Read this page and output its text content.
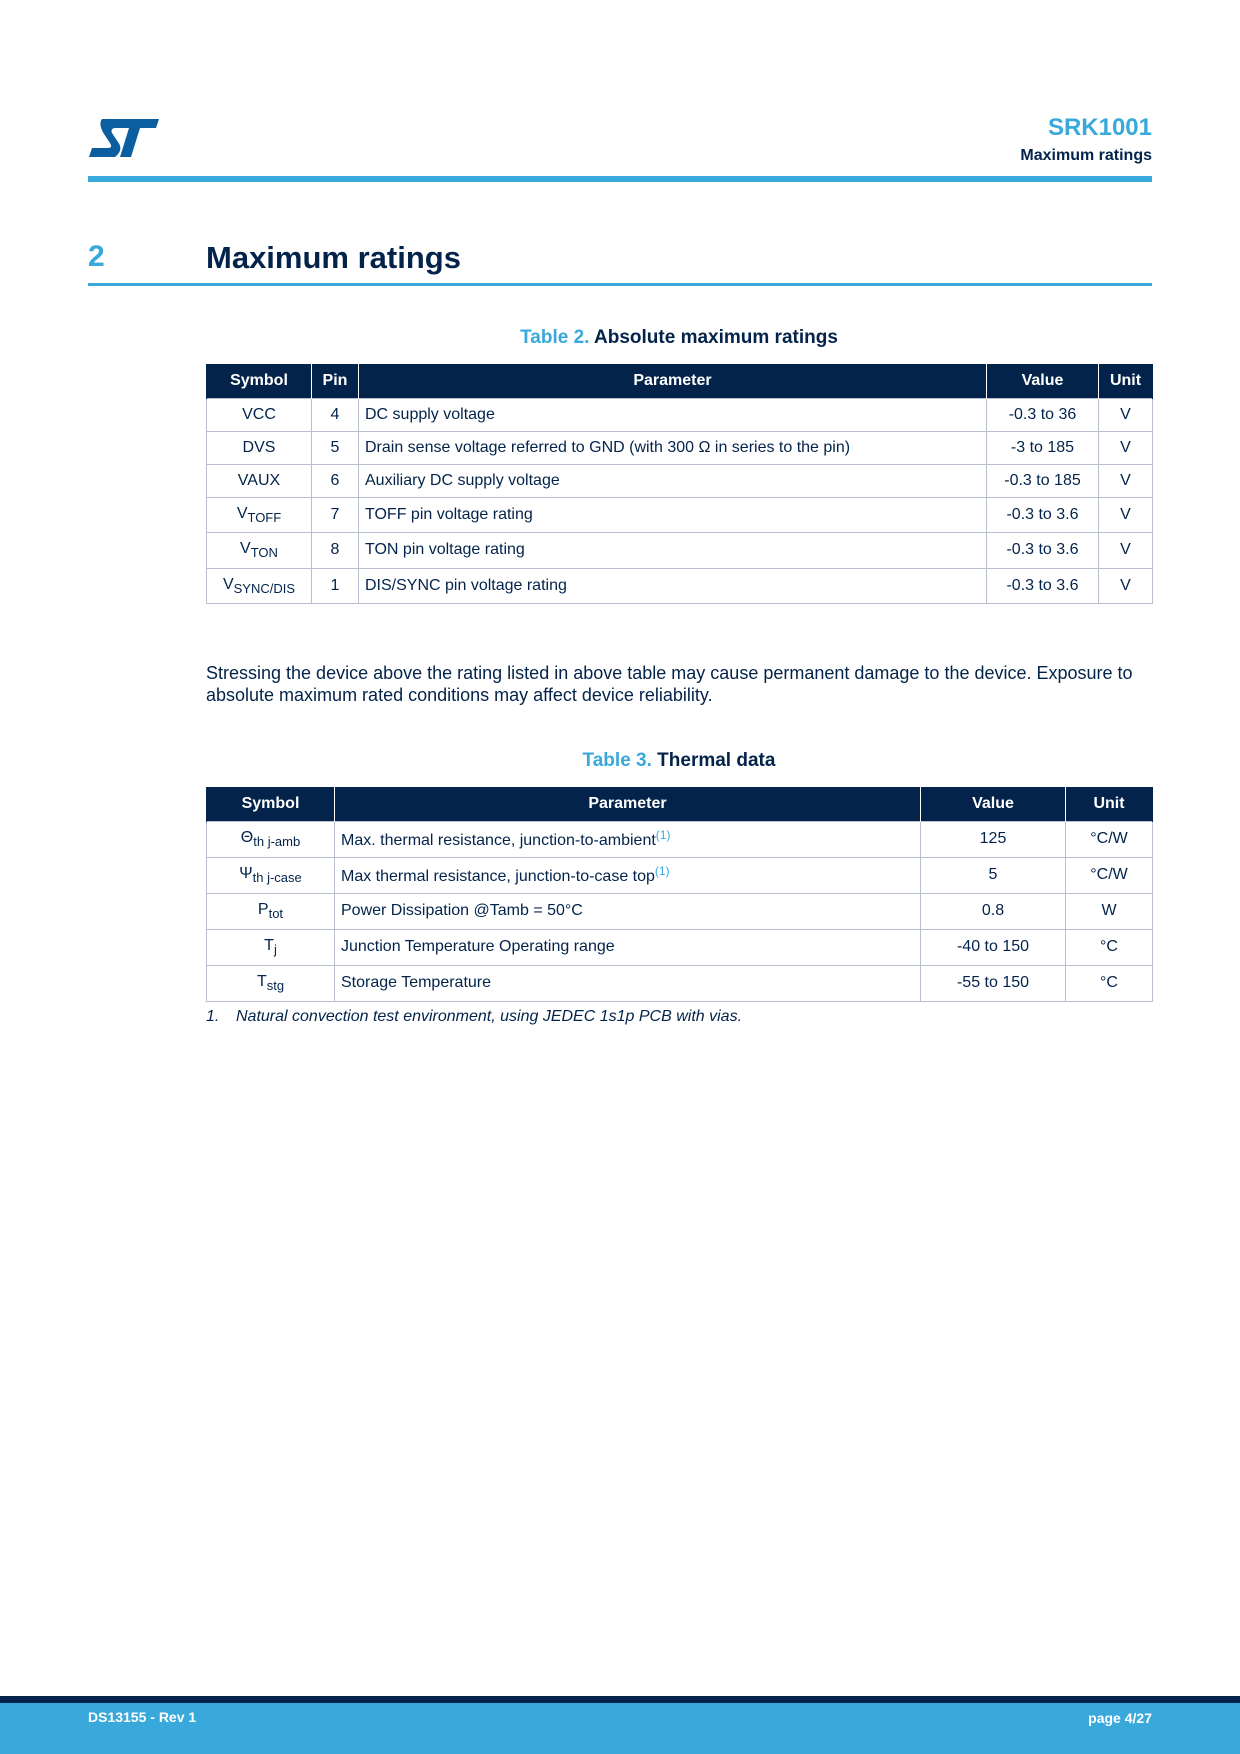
SRK1001
Maximum ratings
2	Maximum ratings
Table 2. Absolute maximum ratings
Symbol	Pin	Parameter	Value	Unit
VCC	4	DC supply voltage	-0.3 to 36	V
DVS	5	Drain sense voltage referred to GND (with 300 Ω in series to the pin)	-3 to 185	V
VAUX	6	Auxiliary DC supply voltage	-0.3 to 185	V
$V_{TOFF}$	7	TOFF pin voltage rating	-0.3 to 3.6	V
$V_{TON}$	8	TON pin voltage rating	-0.3 to 3.6	V
$V_{SYNC/DIS}$	1	DIS/SYNC pin voltage rating	-0.3 to 3.6	V
Stressing the device above the rating listed in above table may cause permanent damage to the device. Exposure to absolute maximum rated conditions may affect device reliability.
Table 3. Thermal data
Symbol	Parameter	Value	Unit
$\Theta_{th j-amb}$	Max. thermal resistance, junction-to-ambient$^{(1)}$	125	°C/W
$\Psi_{th j-case}$	Max thermal resistance, junction-to-case top$^{(1)}$	5	°C/W
$P_{tot}$	Power Dissipation @Tamb = 50°C	0.8	W
$T_j$	Junction Temperature Operating range	-40 to 150	°C
$T_{stg}$	Storage Temperature	-55 to 150	°C
1. Natural convection test environment, using JEDEC 1s1p PCB with vias.
DS13155 - Rev 1	page 4/27
